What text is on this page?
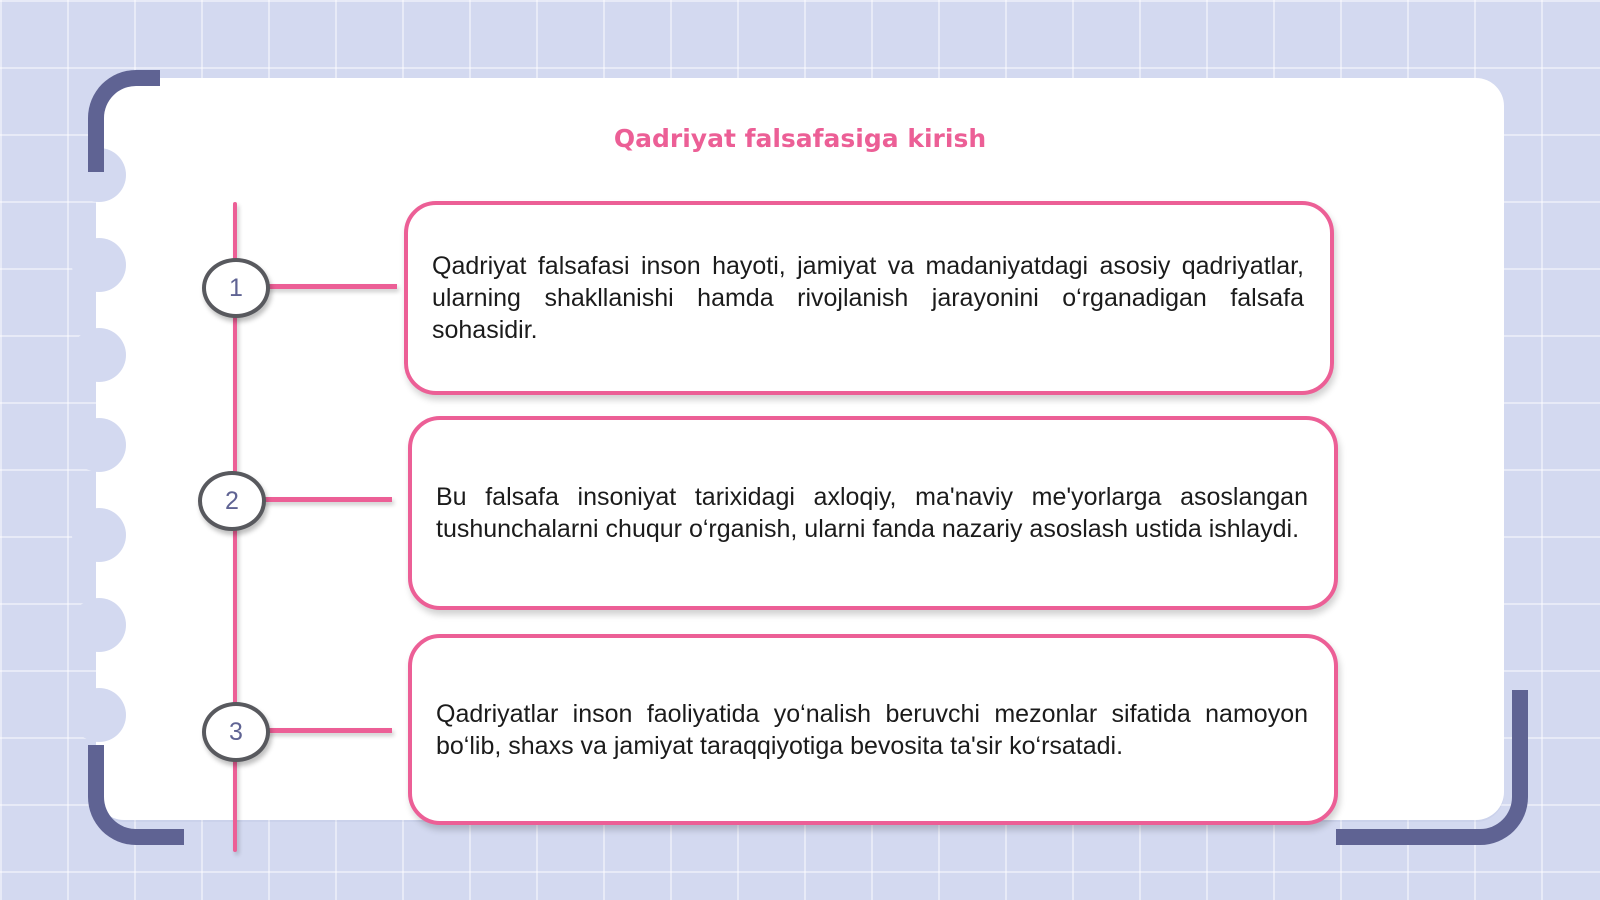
Qadriyat falsafasiga kirish
1
Qadriyat falsafasi inson hayoti, jamiyat va madaniyatdagi asosiy qadriyatlar, ularning shakllanishi hamda rivojlanish jarayonini o‘rganadigan falsafa sohasidir.
2	Bu falsafa insoniyat tarixidagi axloqiy, ma'naviy me'yorlarga asoslangan tushunchalarni chuqur o‘rganish, ularni fanda nazariy asoslash ustida ishlaydi.
3
Qadriyatlar inson faoliyatida yo‘nalish beruvchi mezonlar sifatida namoyon bo‘lib, shaxs va jamiyat taraqqiyotiga bevosita ta'sir ko‘rsatadi.
